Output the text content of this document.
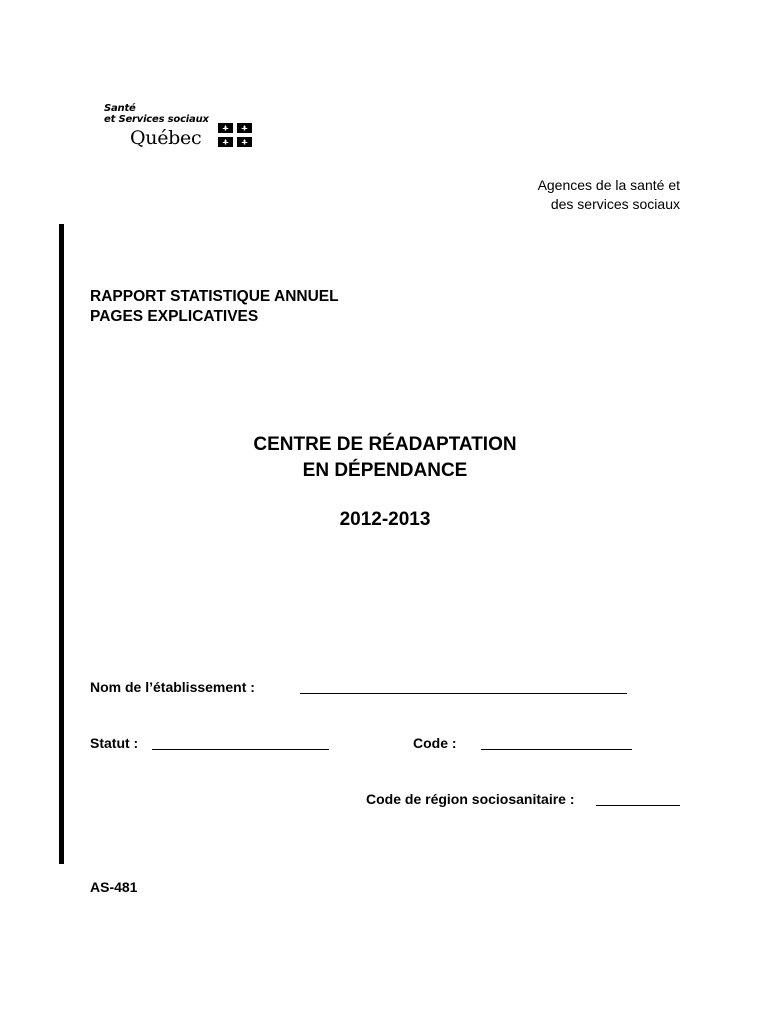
Santé
et Services sociaux
Québec
Agences de la santé et
des services sociaux
RAPPORT STATISTIQUE ANNUEL
PAGES EXPLICATIVES
CENTRE DE RÉADAPTATION
EN DÉPENDANCE
2012-2013
Nom de l’établissement :
Statut :	Code :
Code de région sociosanitaire :
AS-481
